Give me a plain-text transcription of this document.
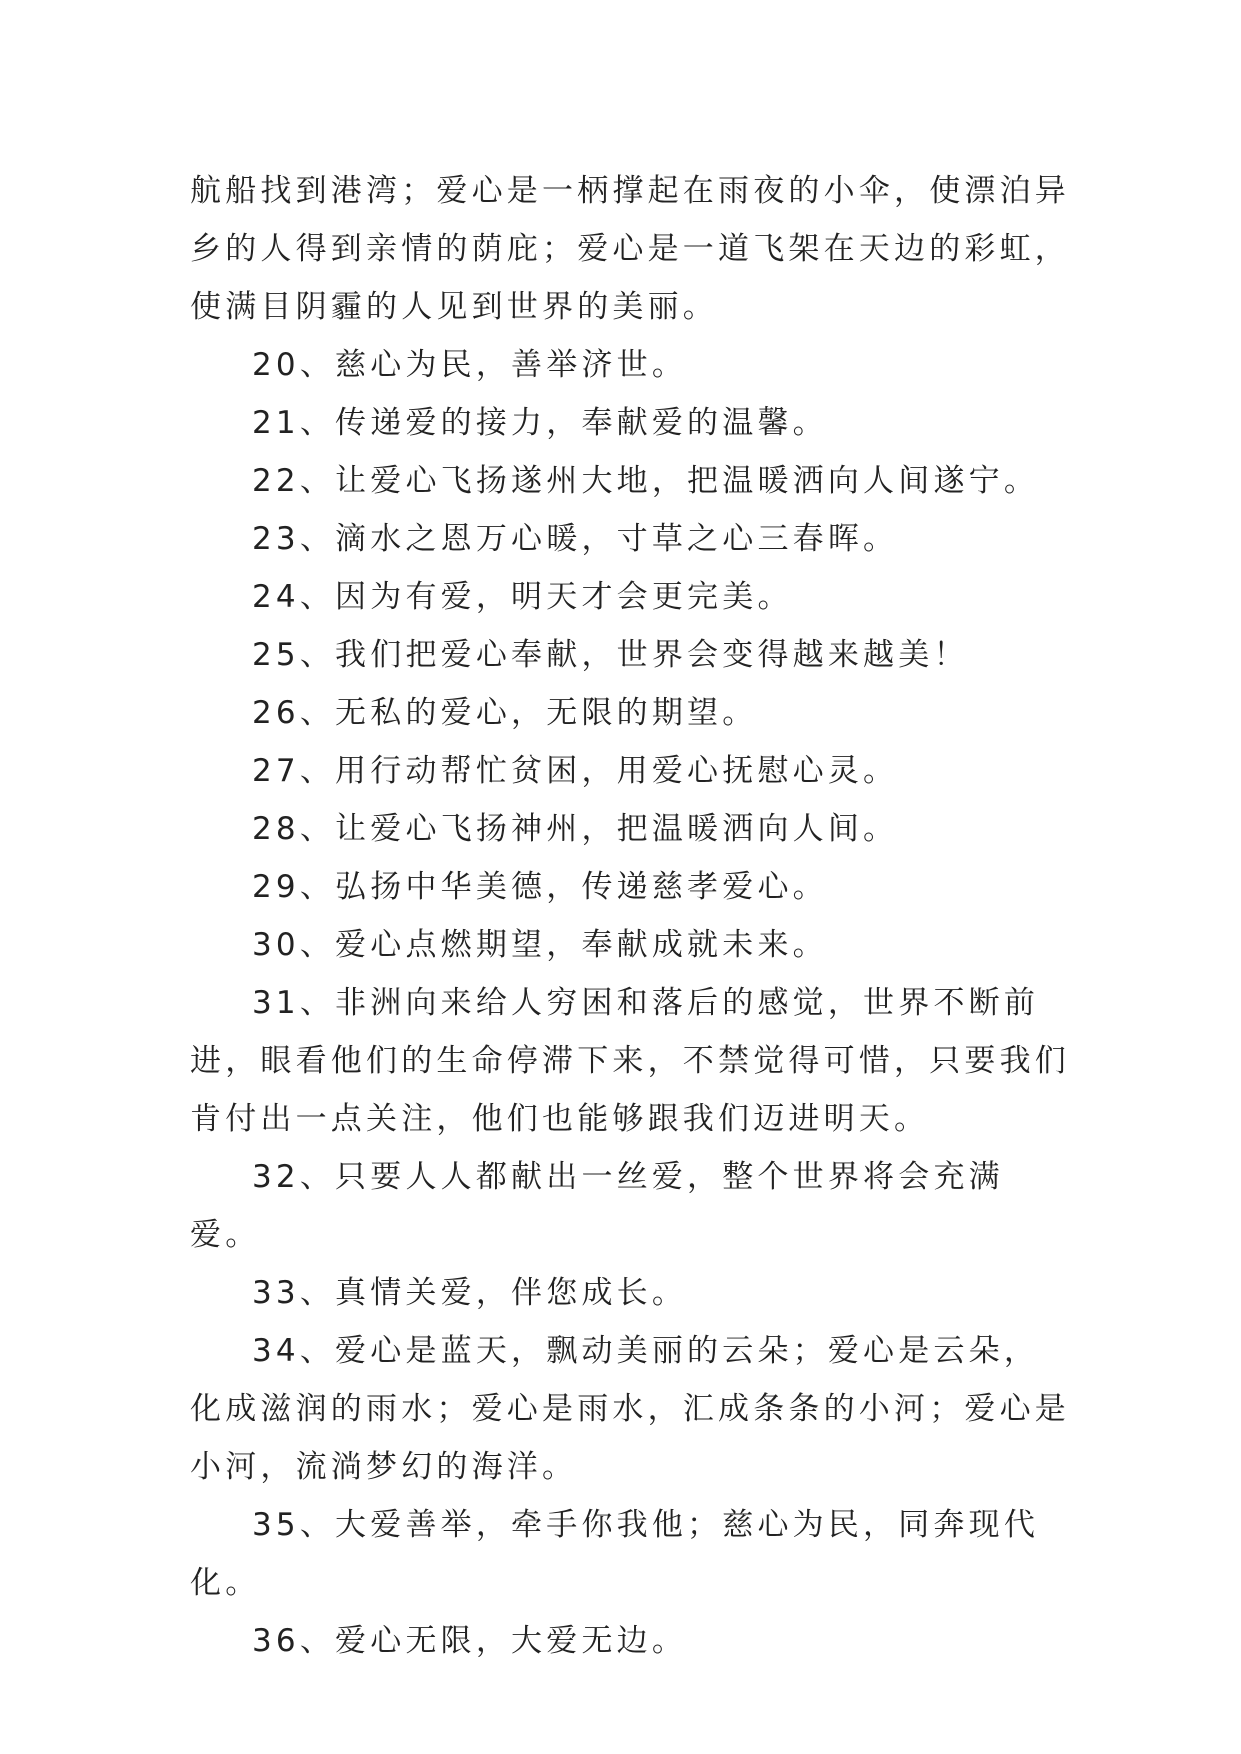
航船找到港湾；爱心是一柄撑起在雨夜的小伞，使漂泊异乡的人得到亲情的荫庇；爱心是一道飞架在天边的彩虹，使满目阴霾的人见到世界的美丽。

20、慈心为民，善举济世。

21、传递爱的接力，奉献爱的温馨。

22、让爱心飞扬遂州大地，把温暖洒向人间遂宁。

23、滴水之恩万心暖，寸草之心三春晖。

24、因为有爱，明天才会更完美。

25、我们把爱心奉献，世界会变得越来越美！

26、无私的爱心，无限的期望。

27、用行动帮忙贫困，用爱心抚慰心灵。

28、让爱心飞扬神州，把温暖洒向人间。

29、弘扬中华美德，传递慈孝爱心。

30、爱心点燃期望，奉献成就未来。

31、非洲向来给人穷困和落后的感觉，世界不断前进，眼看他们的生命停滞下来，不禁觉得可惜，只要我们肯付出一点关注，他们也能够跟我们迈进明天。

32、只要人人都献出一丝爱，整个世界将会充满爱。

33、真情关爱，伴您成长。

34、爱心是蓝天，飘动美丽的云朵；爱心是云朵，化成滋润的雨水；爱心是雨水，汇成条条的小河；爱心是小河，流淌梦幻的海洋。

35、大爱善举，牵手你我他；慈心为民，同奔现代化。

36、爱心无限，大爱无边。
